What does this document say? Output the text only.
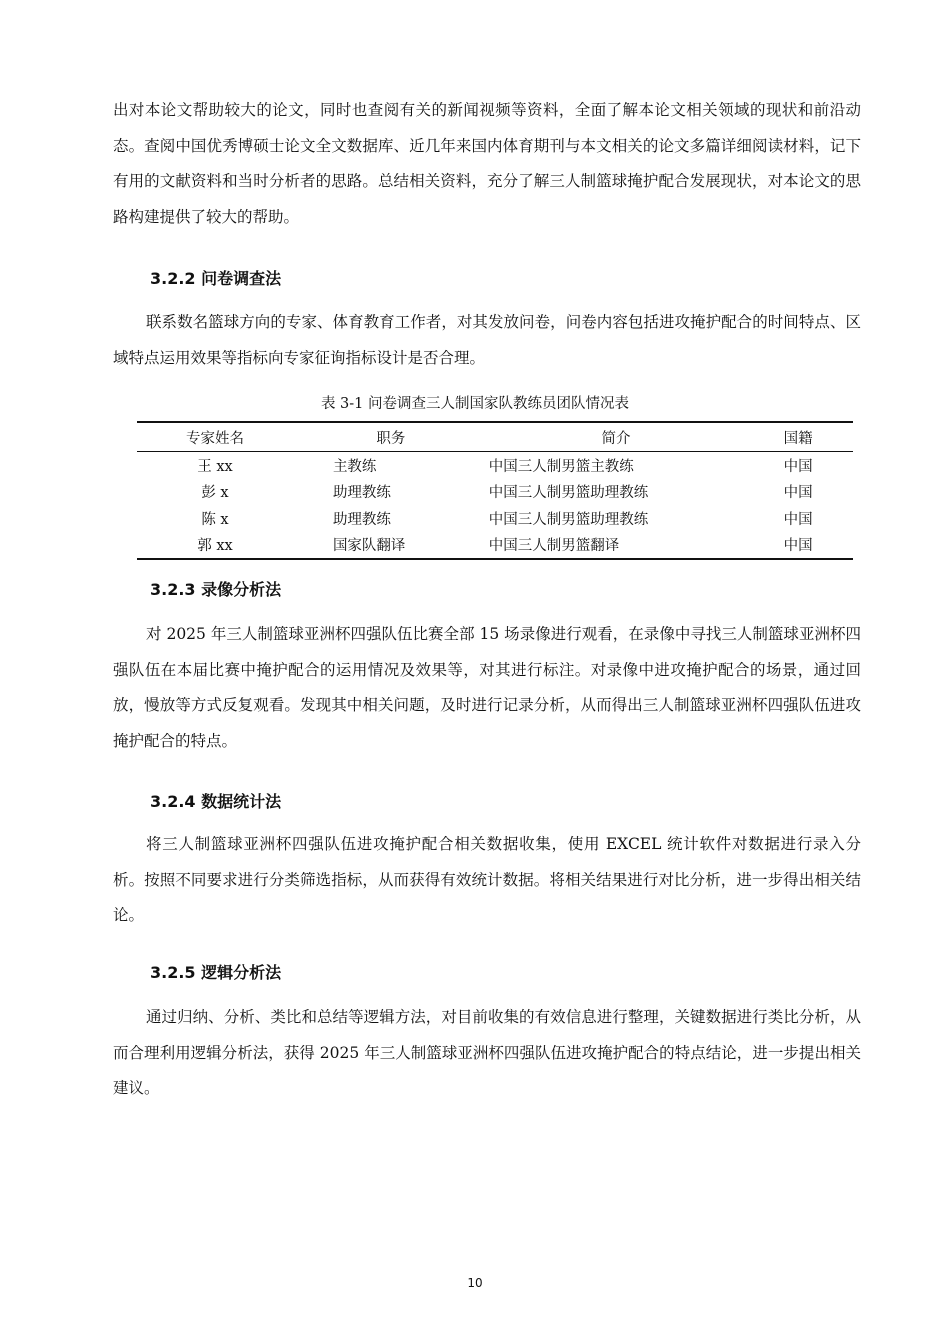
出对本论文帮助较大的论文，同时也查阅有关的新闻视频等资料，全面了解本论文相关领域的现状和前沿动态。查阅中国优秀博硕士论文全文数据库、近几年来国内体育期刊与本文相关的论文多篇详细阅读材料，记下有用的文献资料和当时分析者的思路。总结相关资料，充分了解三人制篮球掩护配合发展现状，对本论文的思路构建提供了较大的帮助。

3.2.2 问卷调查法

联系数名篮球方向的专家、体育教育工作者，对其发放问卷，问卷内容包括进攻掩护配合的时间特点、区域特点运用效果等指标向专家征询指标设计是否合理。

表 3-1 问卷调查三人制国家队教练员团队情况表

专家姓名	职务	简介	国籍
王 xx	主教练	中国三人制男篮主教练	中国
彭 x	助理教练	中国三人制男篮助理教练	中国
陈 x	助理教练	中国三人制男篮助理教练	中国
郭 xx	国家队翻译	中国三人制男篮翻译	中国

3.2.3 录像分析法

对 2025 年三人制篮球亚洲杯四强队伍比赛全部 15 场录像进行观看，在录像中寻找三人制篮球亚洲杯四强队伍在本届比赛中掩护配合的运用情况及效果等，对其进行标注。对录像中进攻掩护配合的场景，通过回放，慢放等方式反复观看。发现其中相关问题，及时进行记录分析，从而得出三人制篮球亚洲杯四强队伍进攻掩护配合的特点。

3.2.4 数据统计法

将三人制篮球亚洲杯四强队伍进攻掩护配合相关数据收集，使用 EXCEL 统计软件对数据进行录入分析。按照不同要求进行分类筛选指标，从而获得有效统计数据。将相关结果进行对比分析，进一步得出相关结论。

3.2.5 逻辑分析法

通过归纳、分析、类比和总结等逻辑方法，对目前收集的有效信息进行整理，关键数据进行类比分析，从而合理利用逻辑分析法，获得 2025 年三人制篮球亚洲杯四强队伍进攻掩护配合的特点结论，进一步提出相关建议。

10
